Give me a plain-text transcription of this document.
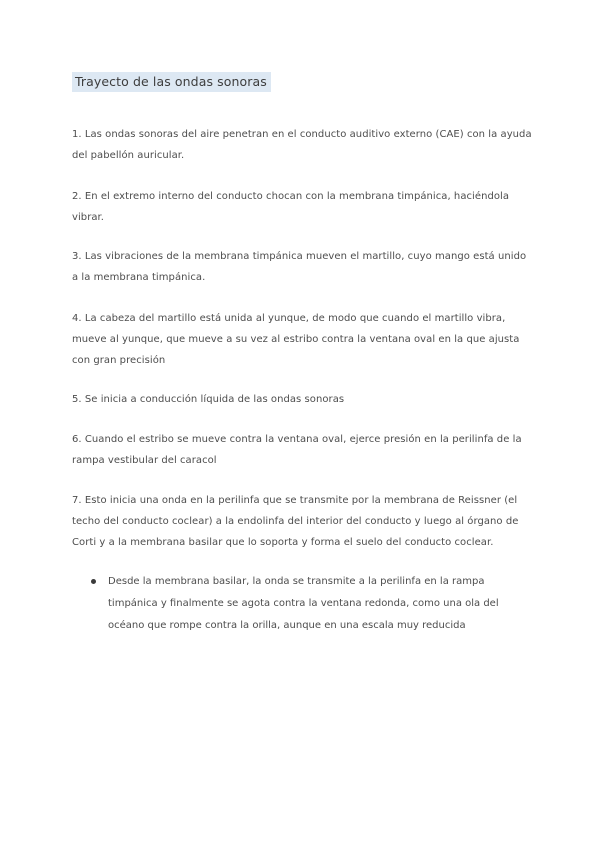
Trayecto de las ondas sonoras

1. Las ondas sonoras del aire penetran en el conducto auditivo externo (CAE) con la ayuda del pabellón auricular.

2. En el extremo interno del conducto chocan con la membrana timpánica, haciéndola vibrar.

3. Las vibraciones de la membrana timpánica mueven el martillo, cuyo mango está unido a la membrana timpánica.

4. La cabeza del martillo está unida al yunque, de modo que cuando el martillo vibra, mueve al yunque, que mueve a su vez al estribo contra la ventana oval en la que ajusta con gran precisión

5. Se inicia a conducción líquida de las ondas sonoras

6. Cuando el estribo se mueve contra la ventana oval, ejerce presión en la perilinfa de la rampa vestibular del caracol

7. Esto inicia una onda en la perilinfa que se transmite por la membrana de Reissner (el techo del conducto coclear) a la endolinfa del interior del conducto y luego al órgano de Corti y a la membrana basilar que lo soporta y forma el suelo del conducto coclear.

Desde la membrana basilar, la onda se transmite a la perilinfa en la rampa timpánica y finalmente se agota contra la ventana redonda, como una ola del océano que rompe contra la orilla, aunque en una escala muy reducida
